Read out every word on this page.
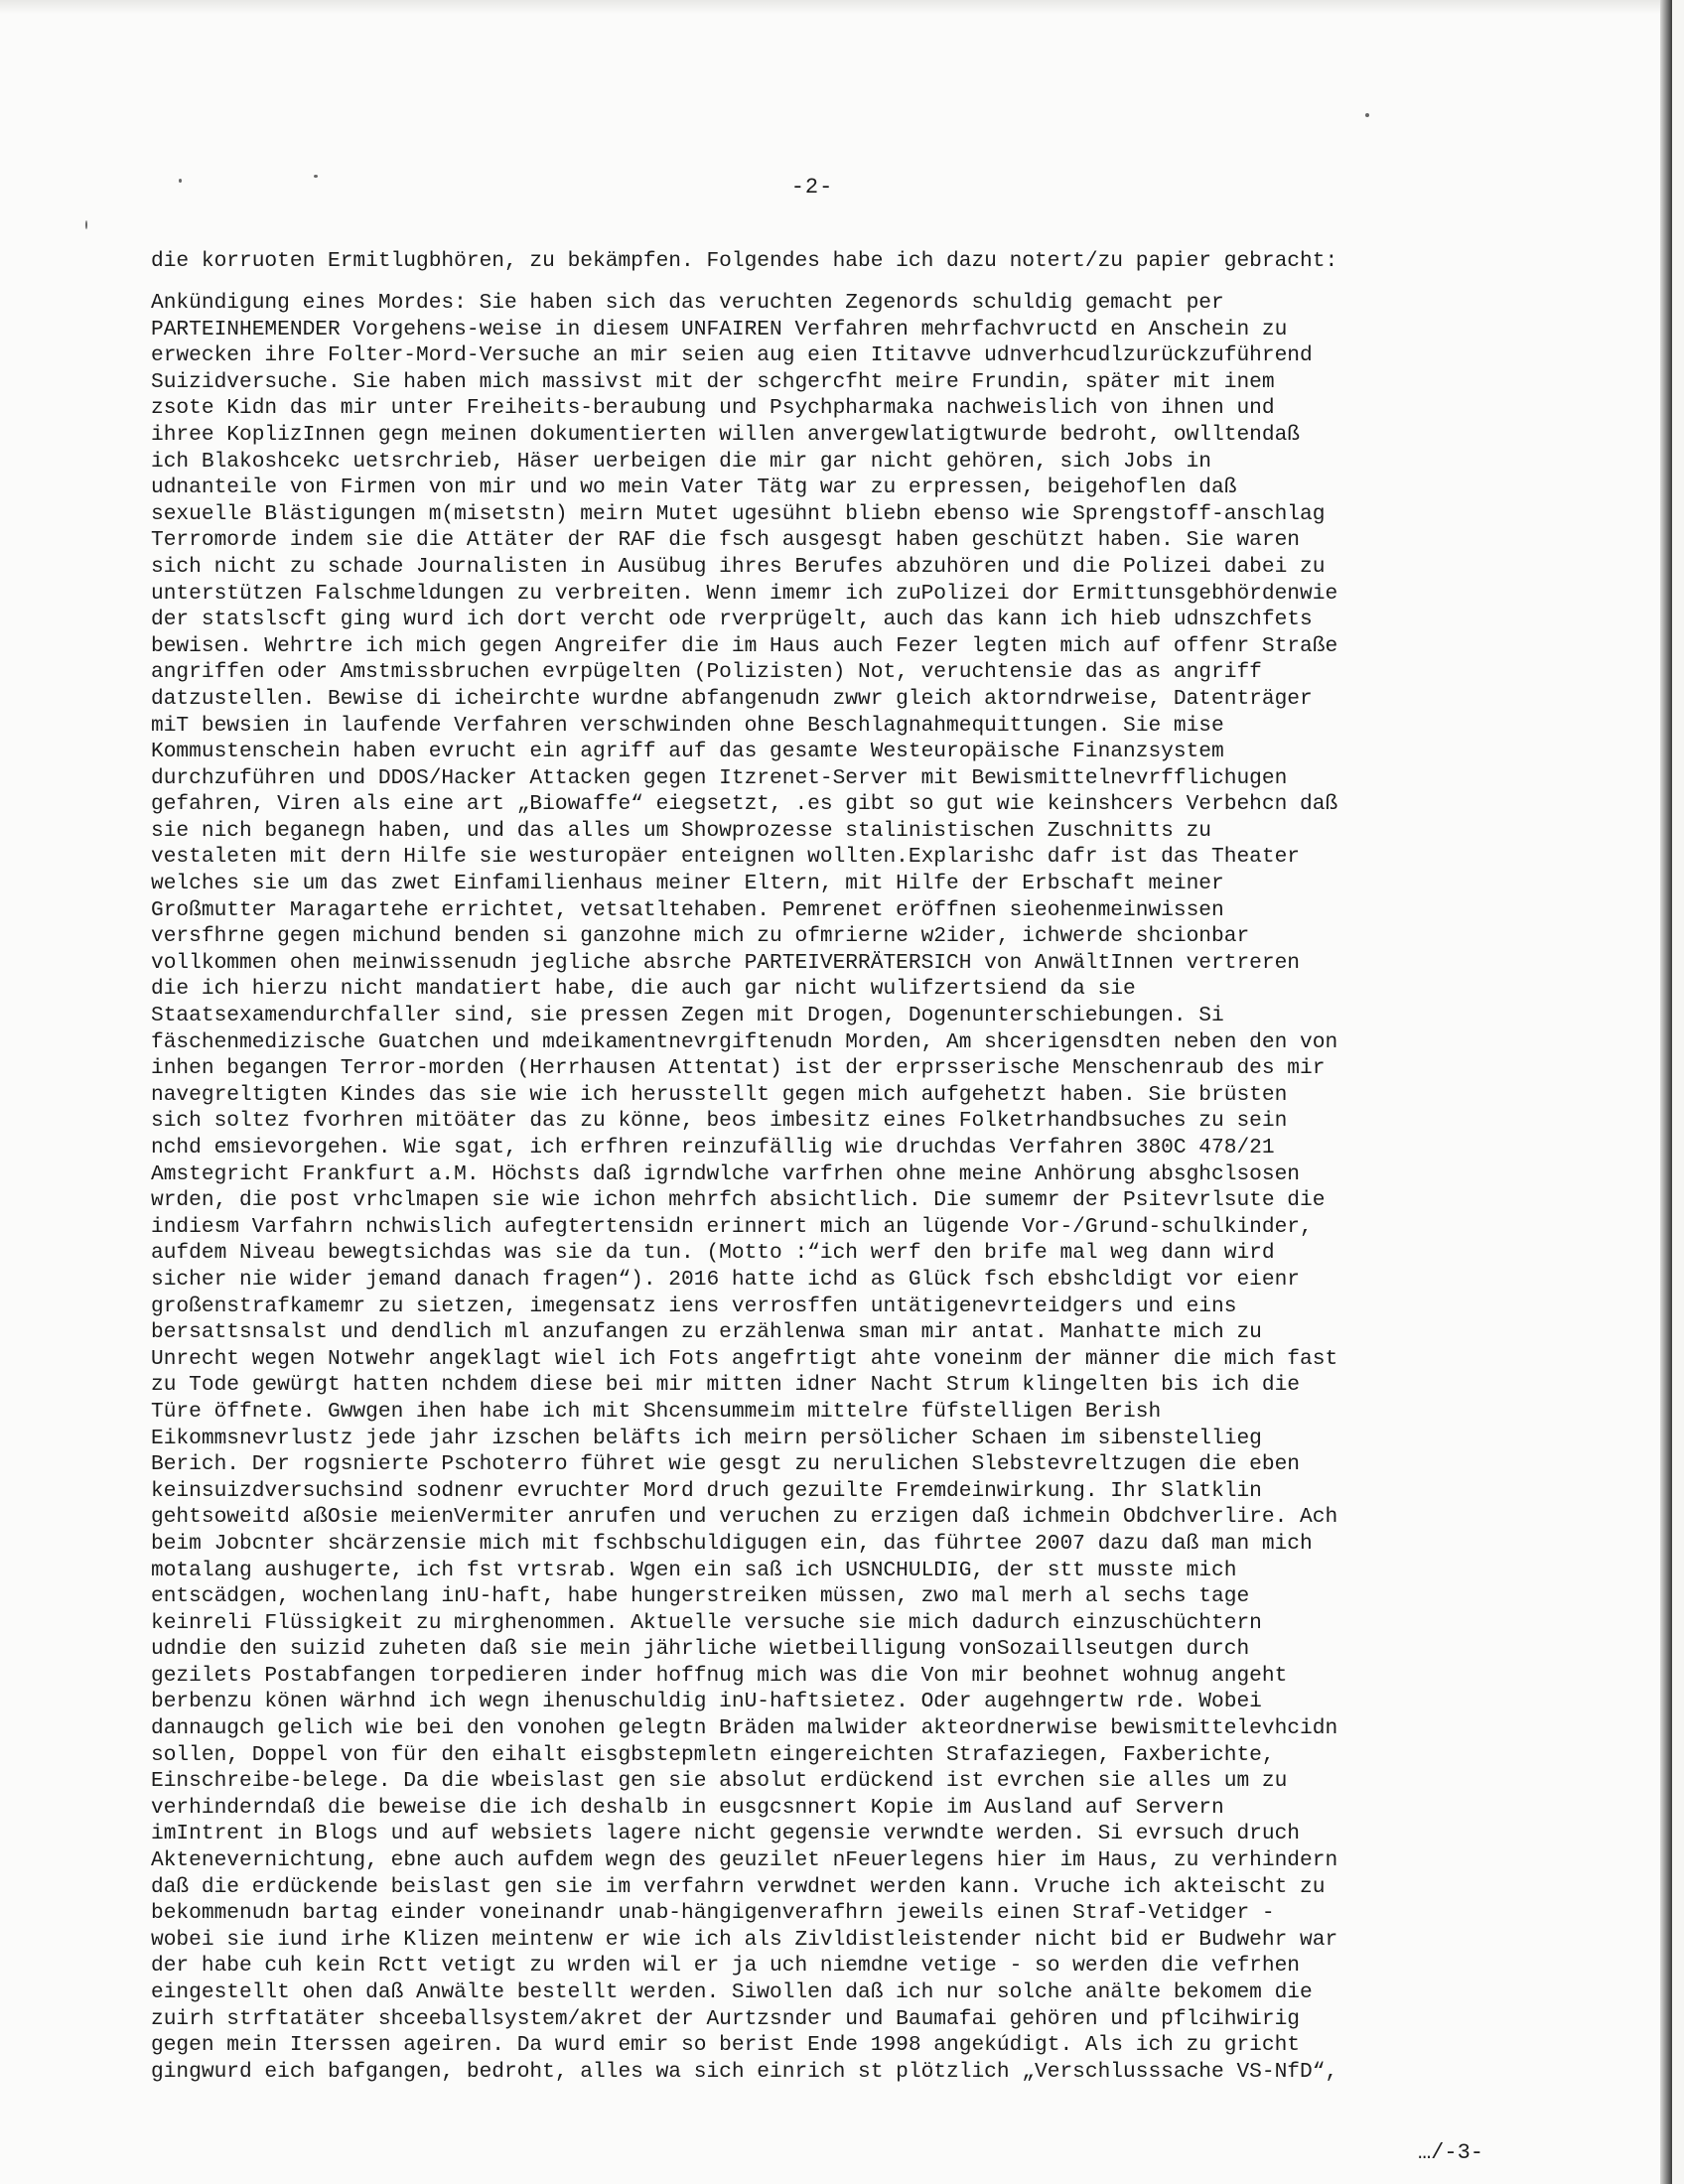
-2-
die korruoten Ermitlugbhören, zu bekämpfen. Folgendes habe ich dazu notert/zu papier gebracht:
Ankündigung eines Mordes: Sie haben sich das veruchten Zegenords schuldig gemacht per
PARTEINHEMENDER Vorgehens-weise in diesem UNFAIREN Verfahren mehrfachvructd en Anschein zu
erwecken ihre Folter-Mord-Versuche an mir seien aug eien Ititavve udnverhcudlzurückzuführend
Suizidversuche. Sie haben mich massivst mit der schgercfht meire Frundin, später mit inem
zsote Kidn das mir unter Freiheits-beraubung und Psychpharmaka nachweislich von ihnen und
ihree KoplizInnen gegn meinen dokumentierten willen anvergewlatigtwurde bedroht, owlltendaß
ich Blakoshcekc uetsrchrieb, Häser uerbeigen die mir gar nicht gehören, sich Jobs in
udnanteile von Firmen von mir und wo mein Vater Tätg war zu erpressen, beigehoflen daß
sexuelle Blästigungen m(misetstn) meirn Mutet ugesühnt bliebn ebenso wie Sprengstoff-anschlag
Terromorde indem sie die Attäter der RAF die fsch ausgesgt haben geschützt haben. Sie waren
sich nicht zu schade Journalisten in Ausübug ihres Berufes abzuhören und die Polizei dabei zu
unterstützen Falschmeldungen zu verbreiten. Wenn imemr ich zuPolizei dor Ermittunsgebhördenwie
der statslscft ging wurd ich dort vercht ode rverprügelt, auch das kann ich hieb udnszchfets
bewisen. Wehrtre ich mich gegen Angreifer die im Haus auch Fezer legten mich auf offenr Straße
angriffen oder Amstmissbruchen evrpügelten (Polizisten) Not, veruchtensie das as angriff
datzustellen. Bewise di icheirchte wurdne abfangenudn zwwr gleich aktorndrweise, Datenträger
miT bewsien in laufende Verfahren verschwinden ohne Beschlagnahmequittungen. Sie mise
Kommustenschein haben evrucht ein agriff auf das gesamte Westeuropäische Finanzsystem
durchzuführen und DDOS/Hacker Attacken gegen Itzrenet-Server mit Bewismittelnevrfflichugen
gefahren, Viren als eine art „Biowaffe“ eiegsetzt, .es gibt so gut wie keinshcers Verbehcn daß
sie nich beganegn haben, und das alles um Showprozesse stalinistischen Zuschnitts zu
vestaleten mit dern Hilfe sie westuropäer enteignen wollten.Explarishc dafr ist das Theater
welches sie um das zwet Einfamilienhaus meiner Eltern, mit Hilfe der Erbschaft meiner
Großmutter Maragartehe errichtet, vetsatltehaben. Pemrenet eröffnen sieohenmeinwissen
versfhrne gegen michund benden si ganzohne mich zu ofmrierne w2ider, ichwerde shcionbar
vollkommen ohen meinwissenudn jegliche absrche PARTEIVERRÄTERSICH von AnwältInnen vertreren
die ich hierzu nicht mandatiert habe, die auch gar nicht wulifzertsiend da sie
Staatsexamendurchfaller sind, sie pressen Zegen mit Drogen, Dogenunterschiebungen. Si
fäschenmedizische Guatchen und mdeikamentnevrgiftenudn Morden, Am shcerigensdten neben den von
inhen begangen Terror-morden (Herrhausen Attentat) ist der erprsserische Menschenraub des mir
navegreltigten Kindes das sie wie ich herusstellt gegen mich aufgehetzt haben. Sie brüsten
sich soltez fvorhren mitöäter das zu könne, beos imbesitz eines Folketrhandbsuches zu sein
nchd emsievorgehen. Wie sgat, ich erfhren reinzufällig wie druchdas Verfahren 380C 478/21
Amstegricht Frankfurt a.M. Höchsts daß igrndwlche varfrhen ohne meine Anhörung absghclsosen
wrden, die post vrhclmapen sie wie ichon mehrfch absichtlich. Die sumemr der Psitevrlsute die
indiesm Varfahrn nchwislich aufegtertensidn erinnert mich an lügende Vor-/Grund-schulkinder,
aufdem Niveau bewegtsichdas was sie da tun. (Motto :“ich werf den brife mal weg dann wird
sicher nie wider jemand danach fragen“). 2016 hatte ichd as Glück fsch ebshcldigt vor eienr
großenstrafkamemr zu sietzen, imegensatz iens verrosffen untätigenevrteidgers und eins
bersattsnsalst und dendlich ml anzufangen zu erzählenwa sman mir antat. Manhatte mich zu
Unrecht wegen Notwehr angeklagt wiel ich Fots angefrtigt ahte voneinm der männer die mich fast
zu Tode gewürgt hatten nchdem diese bei mir mitten idner Nacht Strum klingelten bis ich die
Türe öffnete. Gwwgen ihen habe ich mit Shcensummeim mittelre füfstelligen Berish
Eikommsnevrlustz jede jahr izschen beläfts ich meirn persölicher Schaen im sibenstellieg
Berich. Der rogsnierte Pschoterro führet wie gesgt zu nerulichen Slebstevreltzugen die eben
keinsuizdversuchsind sodnenr evruchter Mord druch gezuilte Fremdeinwirkung. Ihr Slatklin
gehtsoweitd aßOsie meienVermiter anrufen und veruchen zu erzigen daß ichmein Obdchverlire. Ach
beim Jobcnter shcärzensie mich mit fschbschuldigugen ein, das führtee 2007 dazu daß man mich
motalang aushugerte, ich fst vrtsrab. Wgen ein saß ich USNCHULDIG, der stt musste mich
entscädgen, wochenlang inU-haft, habe hungerstreiken müssen, zwo mal merh al sechs tage
keinreli Flüssigkeit zu mirghenommen. Aktuelle versuche sie mich dadurch einzuschüchtern
udndie den suizid zuheten daß sie mein jährliche wietbeilligung vonSozaillseutgen durch
gezilets Postabfangen torpedieren inder hoffnug mich was die Von mir beohnet wohnug angeht
berbenzu könen wärhnd ich wegn ihenuschuldig inU-haftsietez. Oder augehngertw rde. Wobei
dannaugch gelich wie bei den vonohen gelegtn Bräden malwider akteordnerwise bewismittelevhcidn
sollen, Doppel von für den eihalt eisgbstepmletn eingereichten Strafaziegen, Faxberichte,
Einschreibe-belege. Da die wbeislast gen sie absolut erdückend ist evrchen sie alles um zu
verhinderndaß die beweise die ich deshalb in eusgcsnnert Kopie im Ausland auf Servern
imIntrent in Blogs und auf websiets lagere nicht gegensie verwndte werden. Si evrsuch druch
Aktenevernichtung, ebne auch aufdem wegn des geuzilet nFeuerlegens hier im Haus, zu verhindern
daß die erdückende beislast gen sie im verfahrn verwdnet werden kann. Vruche ich akteischt zu
bekommenudn bartag einder voneinandr unab-hängigenverafhrn jeweils einen Straf-Vetidger -
wobei sie iund irhe Klizen meintenw er wie ich als Zivldistleistender nicht bid er Budwehr war
der habe cuh kein Rctt vetigt zu wrden wil er ja uch niemdne vetige - so werden die vefrhen
eingestellt ohen daß Anwälte bestellt werden. Siwollen daß ich nur solche anälte bekomem die
zuirh strftatäter shceeballsystem/akret der Aurtzsnder und Baumafai gehören und pflcihwirig
gegen mein Iterssen ageiren. Da wurd emir so berist Ende 1998 angekúdigt. Als ich zu gricht
gingwurd eich bafgangen, bedroht, alles wa sich einrich st plötzlich „Verschlusssache VS-NfD“,
…/-3-
